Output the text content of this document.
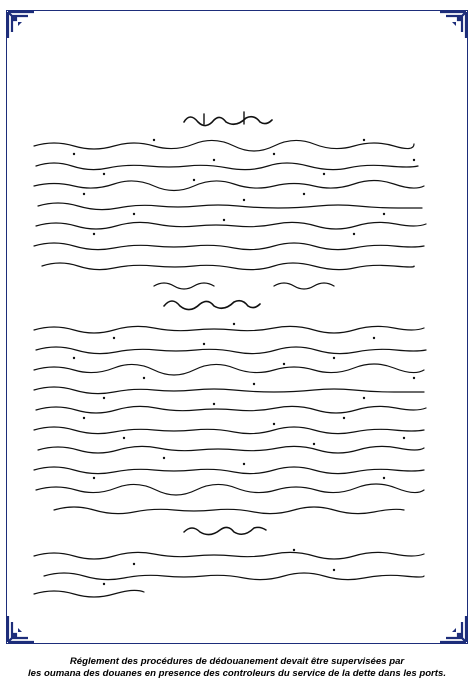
Réglement des procédures de dédouanement devait être supervisées par
les oumana des douanes en presence des controleurs du service de la dette dans les ports.
